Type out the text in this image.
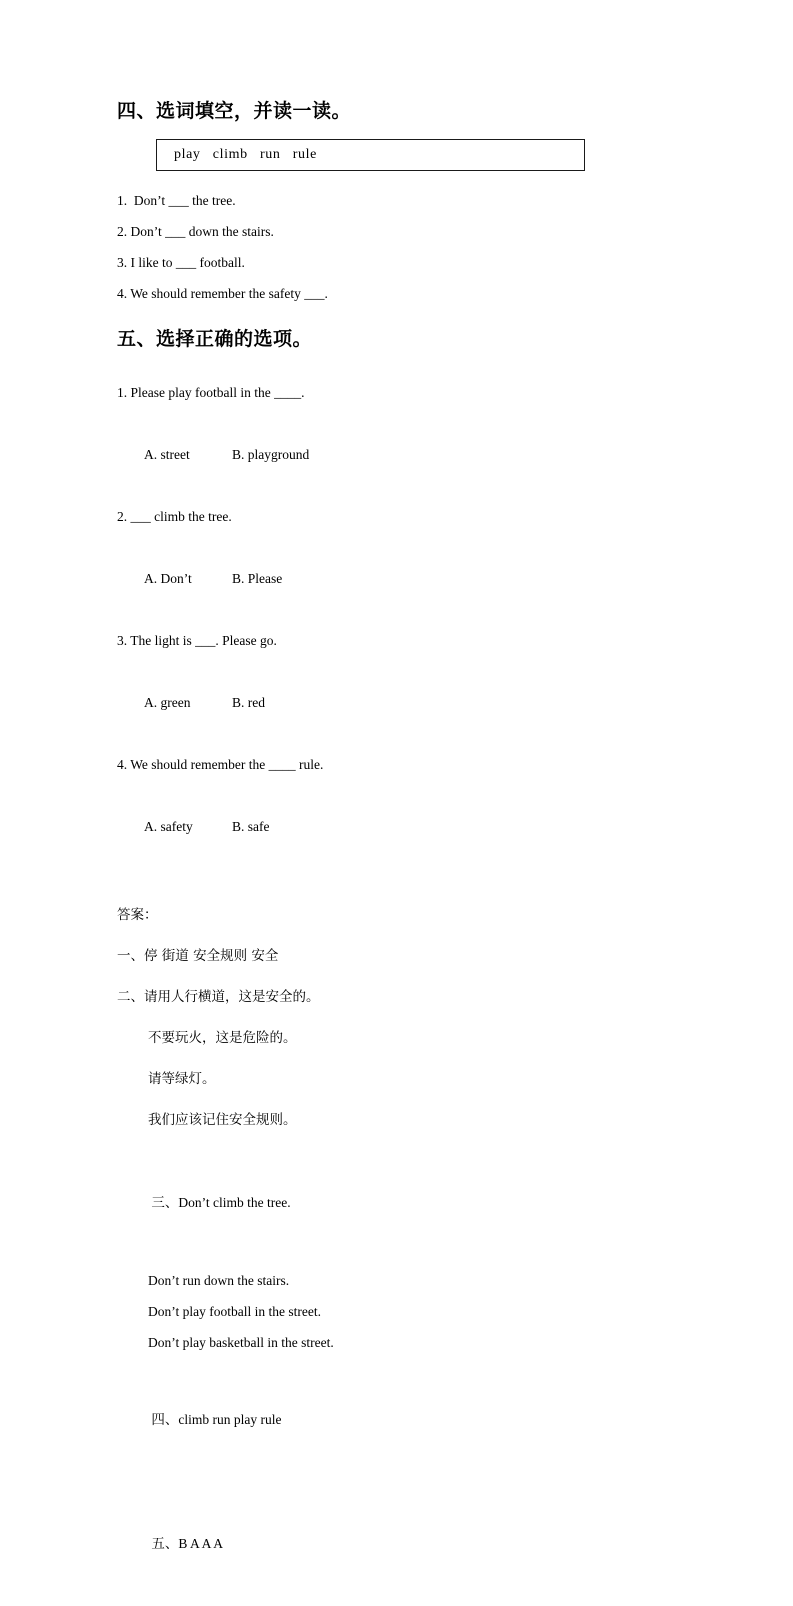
四、选词填空，并读一读。
play   climb   run   rule
1.  Don’t ___ the tree.
2. Don’t ___ down the stairs.
3. I like to ___ football.
4. We should remember the safety ___.
五、选择正确的选项。
1. Please play football in the ____.

A. street	B. playground

2. ___ climb the tree.

A. Don’t	B. Please

3. The light is ___. Please go.

A. green	B. red

4. We should remember the ____ rule.

A. safety	B. safe

答案：
一、停 街道 安全规则 安全
二、请用人行横道，这是安全的。
不要玩火，这是危险的。
请等绿灯。
我们应该记住安全规则。

三、Don’t climb the tree.

Don’t run down the stairs.
Don’t play football in the street.
Don’t play basketball in the street.

四、climb run play rule

五、B A A A
